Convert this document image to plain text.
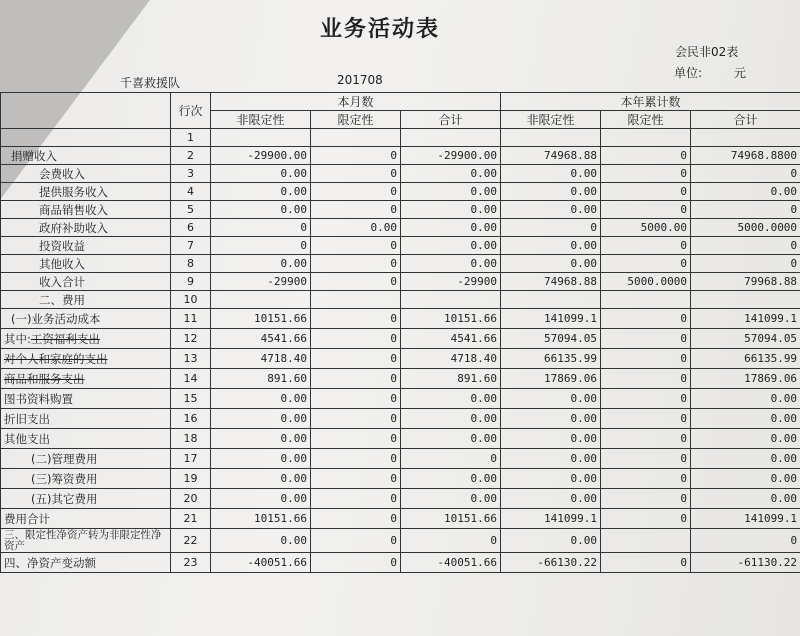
业务活动表
会民非02表
单位:	元
千喜救援队	201708
	行次	本月数			本年累计数		
		非限定性	限定性	合计	非限定性	限定性	合计
	1						
捐赠收入	2	-29900.00	0	-29900.00	74968.88	0	74968.8800
会费收入	3	0.00	0	0.00	0.00	0	0
提供服务收入	4	0.00	0	0.00	0.00	0	0.00
商品销售收入	5	0.00	0	0.00	0.00	0	0
政府补助收入	6	0	0.00	0.00	0	5000.00	5000.0000
投资收益	7	0	0	0.00	0.00	0	0
其他收入	8	0.00	0	0.00	0.00	0	0
收入合计	9	-29900	0	-29900	74968.88	5000.0000	79968.88
二、费用	10						
(一)业务活动成本	11	10151.66	0	10151.66	141099.1	0	141099.1
其中:工资福利支出	12	4541.66	0	4541.66	57094.05	0	57094.05
对个人和家庭的支出	13	4718.40	0	4718.40	66135.99	0	66135.99
商品和服务支出	14	891.60	0	891.60	17869.06	0	17869.06
图书资料购置	15	0.00	0	0.00	0.00	0	0.00
折旧支出	16	0.00	0	0.00	0.00	0	0.00
其他支出	18	0.00	0	0.00	0.00	0	0.00
(二)管理费用	17	0.00	0	0	0.00	0	0.00
(三)筹资费用	19	0.00	0	0.00	0.00	0	0.00
(五)其它费用	20	0.00	0	0.00	0.00	0	0.00
费用合计	21	10151.66	0	10151.66	141099.1	0	141099.1
三、限定性净资产转为非限定性净资产	22	0.00	0	0	0.00		0
四、净资产变动额	23	-40051.66	0	-40051.66	-66130.22	0	-61130.22
